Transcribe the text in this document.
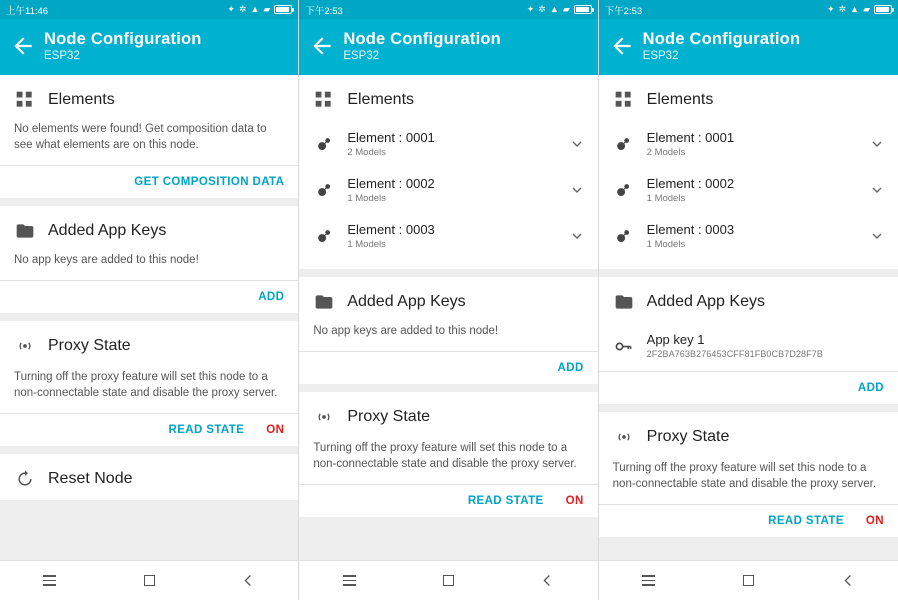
上午11:46	✦ ✲ ▲ ▰
Node Configuration
ESP32
Elements
No elements were found! Get composition data to see what elements are on this node.
GET COMPOSITION DATA
Added App Keys
No app keys are added to this node!
ADD
Proxy State
Turning off the proxy feature will set this node to a non-connectable state and disable the proxy server.
READ STATE ON
Reset Node
下午2:53	✦ ✲ ▲ ▰
Node Configuration
ESP32
Elements
Element : 0001
2 Models
Element : 0002
1 Models
Element : 0003
1 Models
Added App Keys
No app keys are added to this node!
ADD
Proxy State
Turning off the proxy feature will set this node to a non-connectable state and disable the proxy server.
READ STATE ON
下午2:53	✦ ✲ ▲ ▰
Node Configuration
ESP32
Elements
Element : 0001
2 Models
Element : 0002
1 Models
Element : 0003
1 Models
Added App Keys
App key 1
2F2BA763B276453CFF81FB0CB7D28F7B
ADD
Proxy State
Turning off the proxy feature will set this node to a non-connectable state and disable the proxy server.
READ STATE ON
